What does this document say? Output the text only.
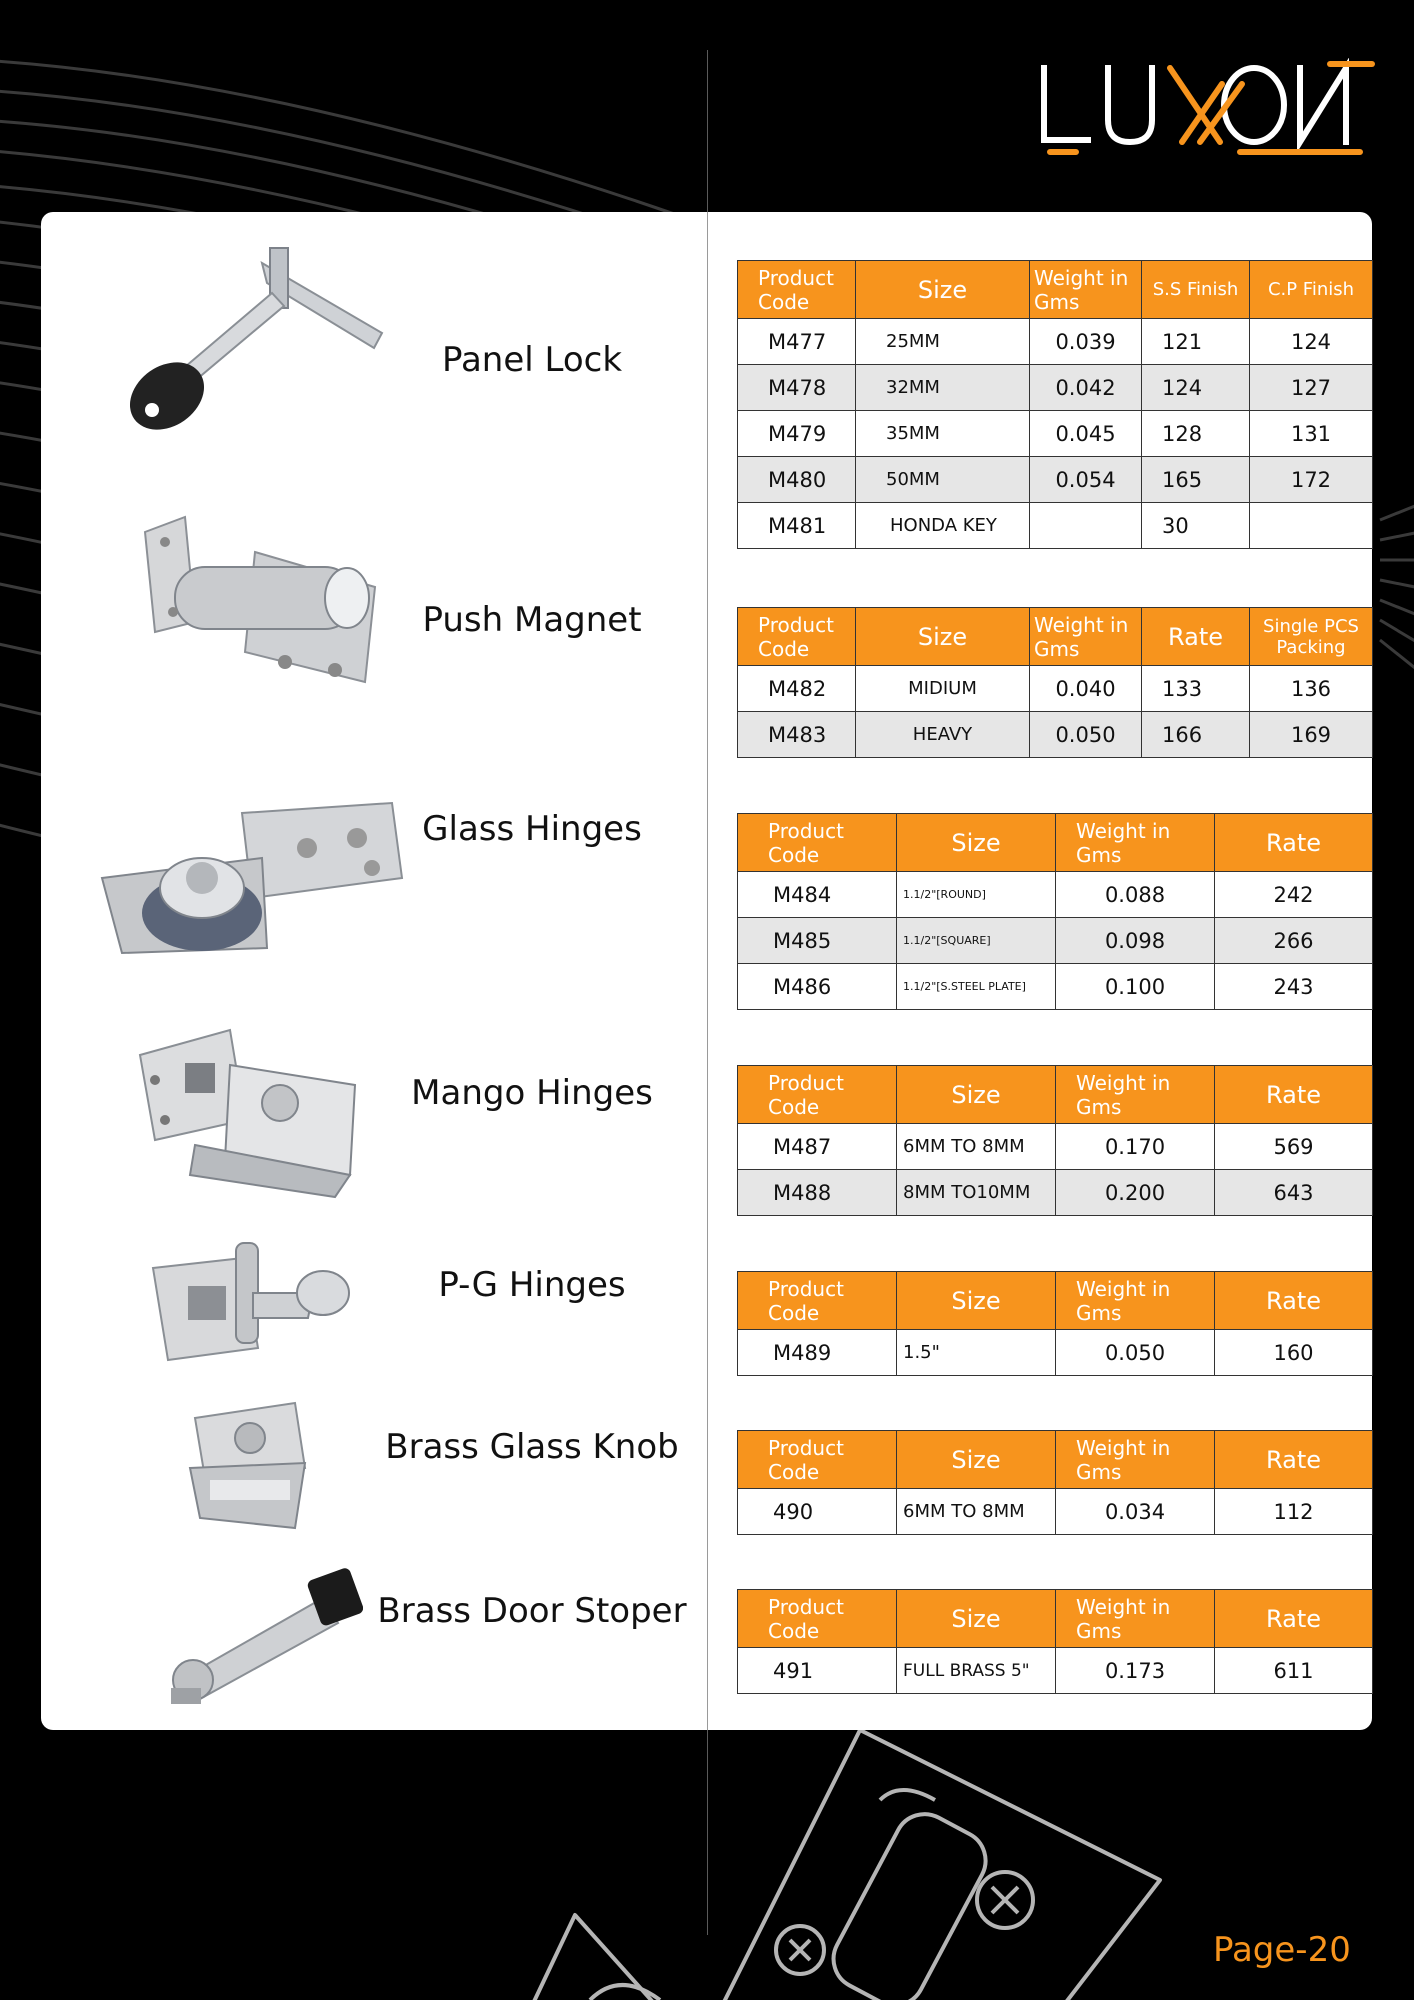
Panel Lock
Push Magnet
Glass Hinges
Mango Hinges
P-G Hinges
Brass Glass Knob
Brass Door Stoper
Product Code	Size	Weight in Gms	S.S Finish	C.P Finish
M477	25MM	0.039	121	124
M478	32MM	0.042	124	127
M479	35MM	0.045	128	131
M480	50MM	0.054	165	172
M481	HONDA KEY		30	
Product Code	Size	Weight in Gms	Rate	Single PCS Packing
M482	MIDIUM	0.040	133	136
M483	HEAVY	0.050	166	169
Product Code	Size	Weight in Gms	Rate
M484	1.1/2"[ROUND]	0.088	242
M485	1.1/2"[SQUARE]	0.098	266
M486	1.1/2"[S.STEEL PLATE]	0.100	243
Product Code	Size	Weight in Gms	Rate
M487	6MM TO 8MM	0.170	569
M488	8MM TO10MM	0.200	643
Product Code	Size	Weight in Gms	Rate
M489	1.5"	0.050	160
Product Code	Size	Weight in Gms	Rate
490	6MM TO 8MM	0.034	112
Product Code	Size	Weight in Gms	Rate
491	FULL BRASS 5"	0.173	611
Page-20
